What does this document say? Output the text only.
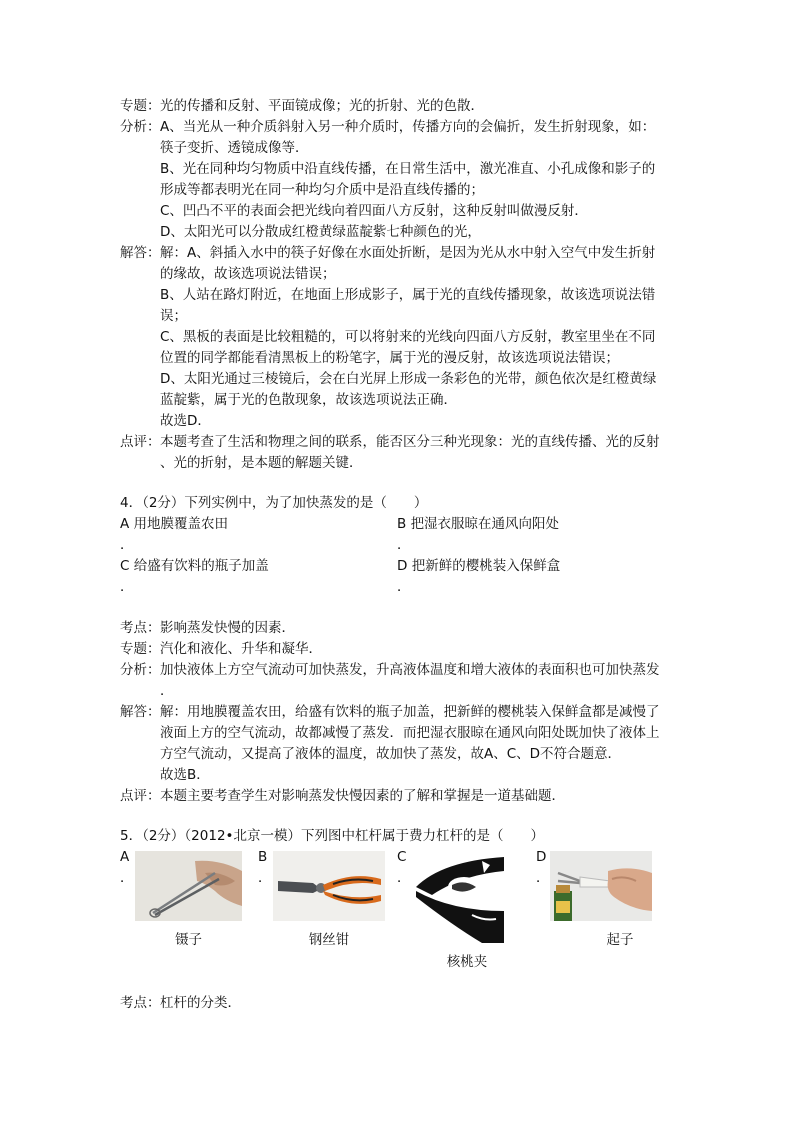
专题： 光的传播和反射、平面镜成像；光的折射、光的色散．
分析： A、当光从一种介质斜射入另一种介质时，传播方向的会偏折，发生折射现象，如：
筷子变折、透镜成像等．
B、光在同种均匀物质中沿直线传播，在日常生活中，激光准直、小孔成像和影子的
形成等都表明光在同一种均匀介质中是沿直线传播的；
C、凹凸不平的表面会把光线向着四面八方反射，这种反射叫做漫反射．
D、太阳光可以分散成红橙黄绿蓝靛紫七种颜色的光，
解答： 解：A、斜插入水中的筷子好像在水面处折断，是因为光从水中射入空气中发生折射
的缘故，故该选项说法错误；
B、人站在路灯附近，在地面上形成影子，属于光的直线传播现象，故该选项说法错
误；
C、黑板的表面是比较粗糙的，可以将射来的光线向四面八方反射，教室里坐在不同
位置的同学都能看清黑板上的粉笔字，属于光的漫反射，故该选项说法错误；
D、太阳光通过三棱镜后，会在白光屏上形成一条彩色的光带，颜色依次是红橙黄绿
蓝靛紫，属于光的色散现象，故该选项说法正确．
故选D．
点评： 本题考查了生活和物理之间的联系，能否区分三种光现象：光的直线传播、光的反射
、光的折射，是本题的解题关键．
4．（2分）下列实例中，为了加快蒸发的是（　　）
A 用地膜覆盖农田
．
B 把湿衣服晾在通风向阳处
．
C 给盛有饮料的瓶子加盖
．
D 把新鲜的樱桃装入保鲜盒
．
考点： 影响蒸发快慢的因素．
专题： 汽化和液化、升华和凝华．
分析： 加快液体上方空气流动可加快蒸发，升高液体温度和增大液体的表面积也可加快蒸发
．
解答： 解：用地膜覆盖农田，给盛有饮料的瓶子加盖，把新鲜的樱桃装入保鲜盒都是减慢了
液面上方的空气流动，故都减慢了蒸发．而把湿衣服晾在通风向阳处既加快了液体上
方空气流动，又提高了液体的温度，故加快了蒸发，故A、C、D不符合题意．
故选B．
点评： 本题主要考查学生对影响蒸发快慢因素的了解和掌握是一道基础题．
5．（2分）（2012•北京一模）下列图中杠杆属于费力杠杆的是（　　）
A
．
镊子
B
．
钢丝钳
C
．
核桃夹
D
．
起子
考点： 杠杆的分类．
